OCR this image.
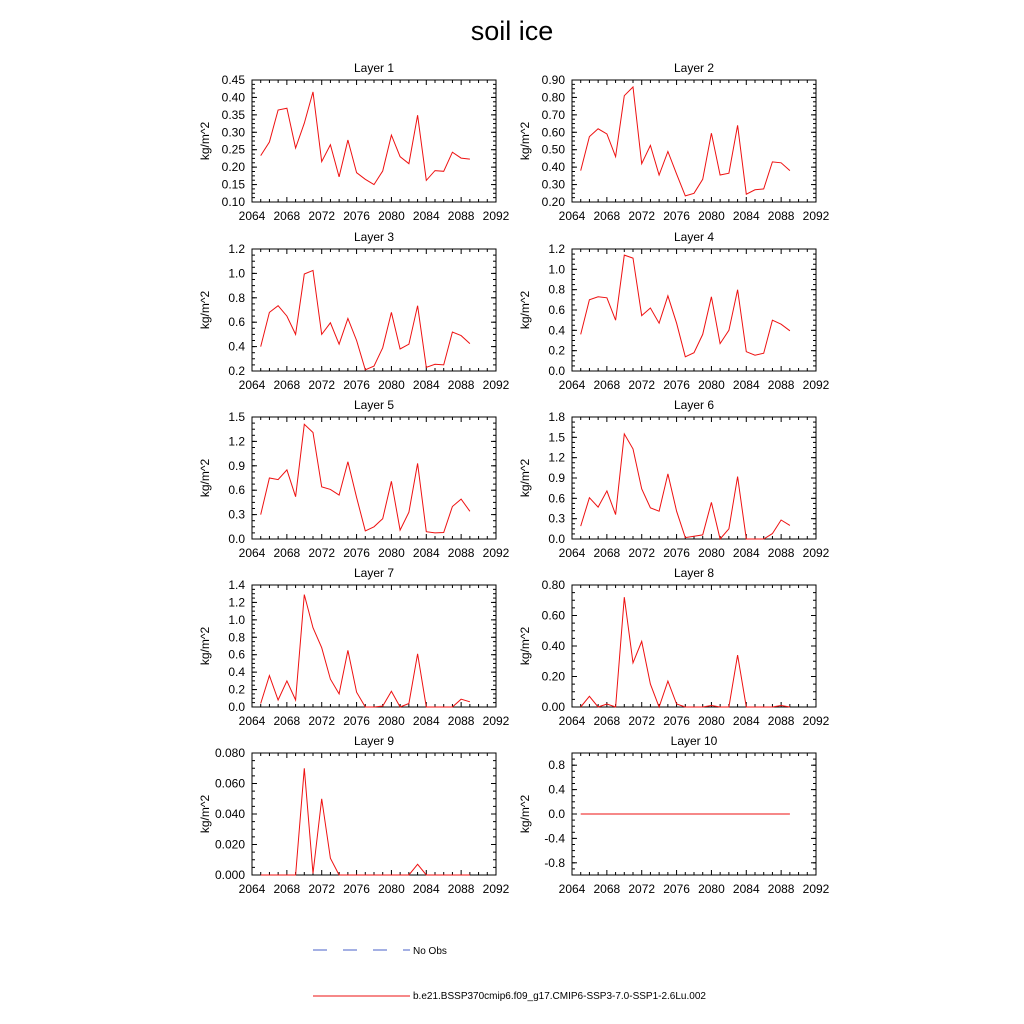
soil ice
Layer 1
kg/m^2
2064 2068 2072 2076 2080 2084 2088 2092
0.10
0.15
0.20
0.25
0.30
0.35
0.40
0.45
Layer 2
kg/m^2
2064 2068 2072 2076 2080 2084 2088 2092
0.20
0.30
0.40
0.50
0.60
0.70
0.80
0.90
Layer 3
kg/m^2
2064 2068 2072 2076 2080 2084 2088 2092
0.2
0.4
0.6
0.8
1.0
1.2
Layer 4
kg/m^2
2064 2068 2072 2076 2080 2084 2088 2092
0.0
0.2
0.4
0.6
0.8
1.0
1.2
Layer 5
kg/m^2
2064 2068 2072 2076 2080 2084 2088 2092
0.0
0.3
0.6
0.9
1.2
1.5
Layer 6
kg/m^2
2064 2068 2072 2076 2080 2084 2088 2092
0.0
0.3
0.6
0.9
1.2
1.5
1.8
Layer 7
kg/m^2
2064 2068 2072 2076 2080 2084 2088 2092
0.0
0.2
0.4
0.6
0.8
1.0
1.2
1.4
Layer 8
kg/m^2
2064 2068 2072 2076 2080 2084 2088 2092
0.00
0.20
0.40
0.60
0.80
Layer 9
kg/m^2
2064 2068 2072 2076 2080 2084 2088 2092
0.000
0.020
0.040
0.060
0.080
Layer 10
kg/m^2
2064 2068 2072 2076 2080 2084 2088 2092
-0.8
-0.4
0.0
0.4
0.8
No Obs
b.e21.BSSP370cmip6.f09_g17.CMIP6-SSP3-7.0-SSP1-2.6Lu.002
